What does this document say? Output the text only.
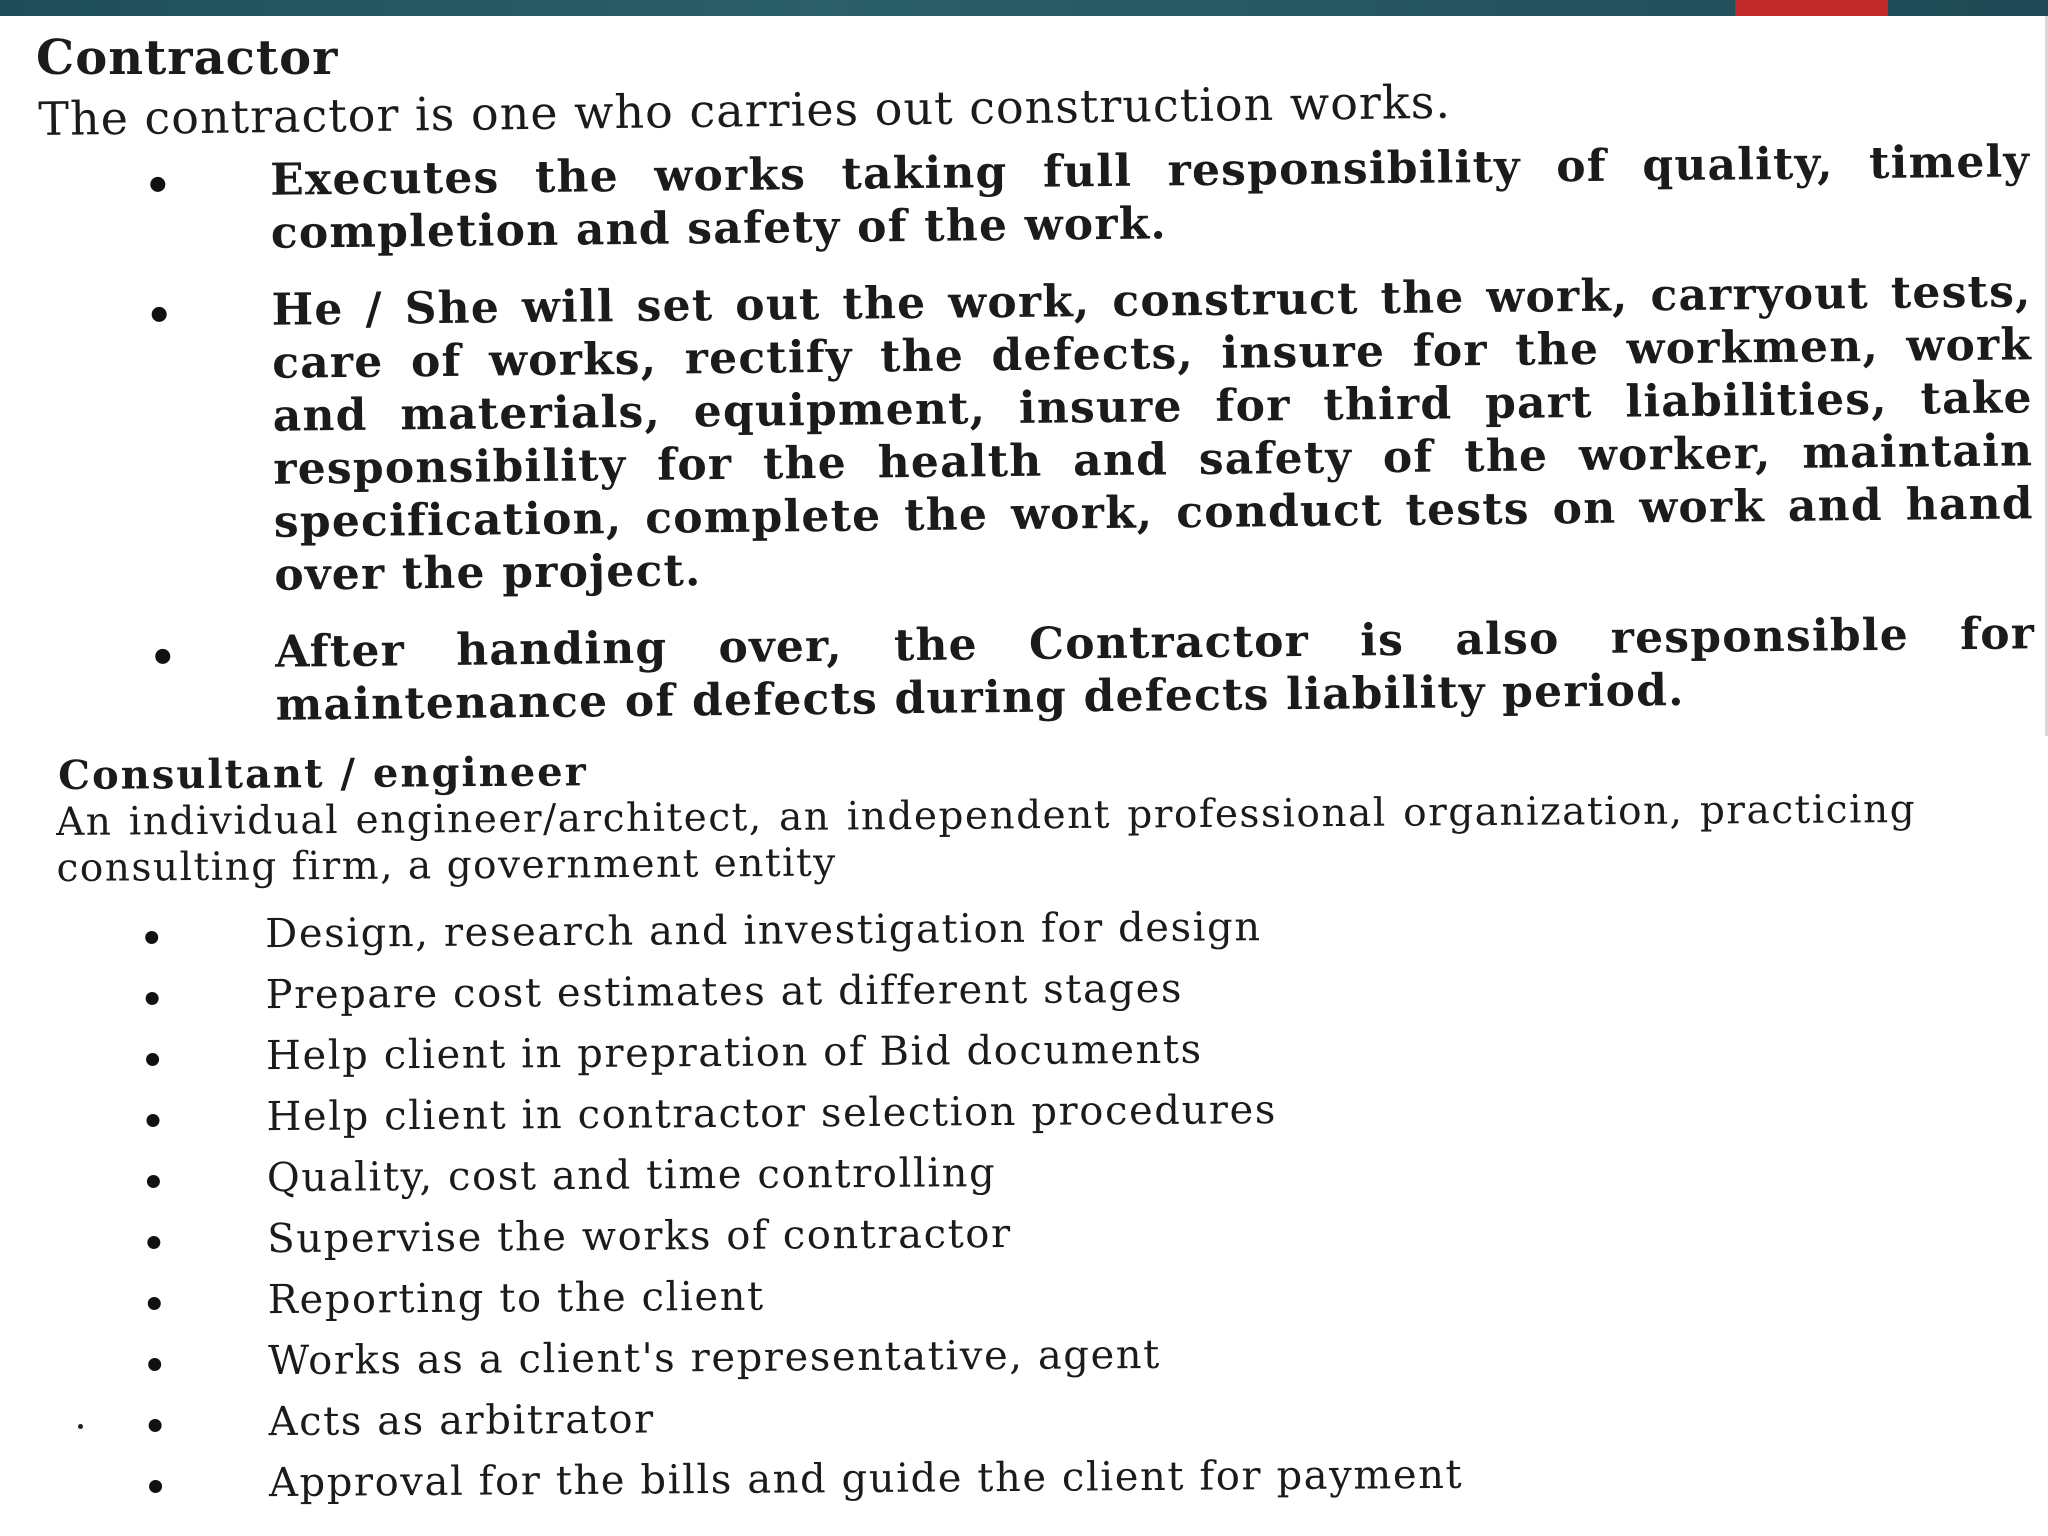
Contractor

The contractor is one who carries out construction works.

Executes the works taking full responsibility of quality, timely completion and safety of the work.
He / She will set out the work, construct the work, carryout tests, care of works, rectify the defects, insure for the workmen, work and materials, equipment, insure for third part liabilities, take responsibility for the health and safety of the worker, maintain specification, complete the work, conduct tests on work and hand over the project.
After handing over, the Contractor is also responsible for maintenance of defects during defects liability period.
Consultant / engineer

An individual engineer/architect, an independent professional organization, practicing consulting firm, a government entity

Design, research and investigation for design
Prepare cost estimates at different stages
Help client in prepration of Bid documents
Help client in contractor selection procedures
Quality, cost and time controlling
Supervise the works of contractor
Reporting to the client
Works as a client's representative, agent
Acts as arbitrator
Approval for the bills and guide the client for payment
